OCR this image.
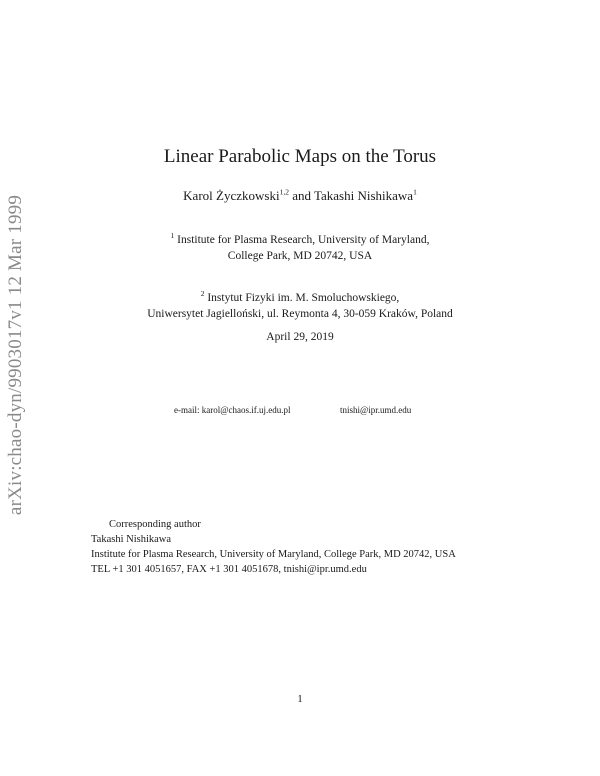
arXiv:chao-dyn/9903017v1 12 Mar 1999
Linear Parabolic Maps on the Torus
Karol Życzkowski$^{1,2}$ and Takashi Nishikawa$^1$
$^1$ Institute for Plasma Research, University of Maryland,
College Park, MD 20742, USA
$^2$ Instytut Fizyki im. M. Smoluchowskiego,
Uniwersytet Jagielloński, ul. Reymonta 4, 30-059 Kraków, Poland
April 29, 2019
e-mail: karol@chaos.if.uj.edu.pl	tnishi@ipr.umd.edu
Corresponding author
Takashi Nishikawa
Institute for Plasma Research, University of Maryland, College Park, MD 20742, USA
TEL +1 301 4051657, FAX +1 301 4051678, tnishi@ipr.umd.edu
1
